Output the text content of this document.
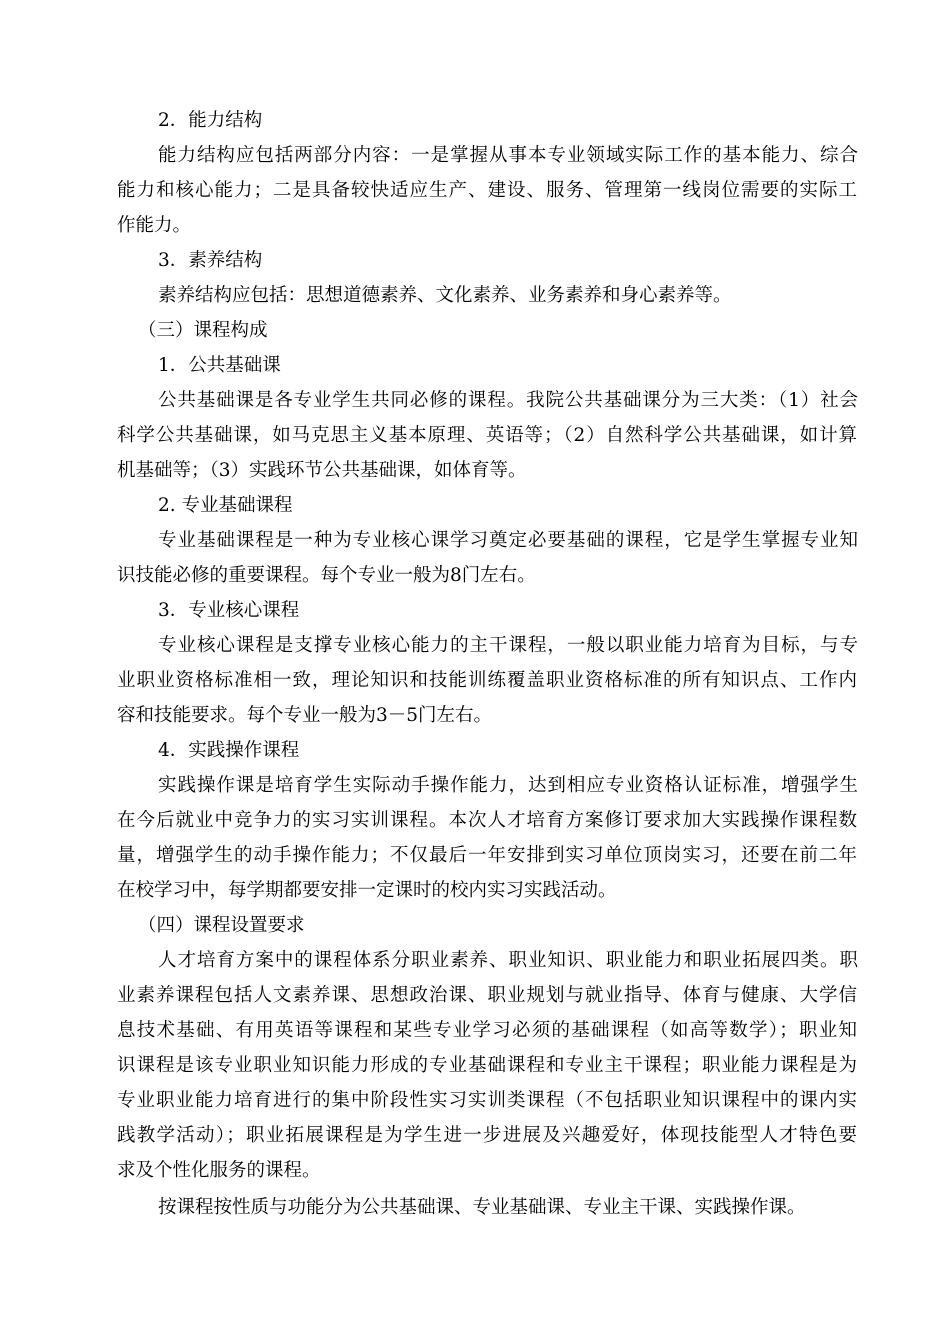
2．能力结构
能力结构应包括两部分内容：一是掌握从事本专业领域实际工作的基本能力、综合
能力和核心能力；二是具备较快适应生产、建设、服务、管理第一线岗位需要的实际工
作能力。
3．素养结构
素养结构应包括：思想道德素养、文化素养、业务素养和身心素养等。
（三）课程构成
1．公共基础课
公共基础课是各专业学生共同必修的课程。我院公共基础课分为三大类：（1）社会
科学公共基础课，如马克思主义基本原理、英语等；（2）自然科学公共基础课，如计算
机基础等；（3）实践环节公共基础课，如体育等。
2. 专业基础课程
专业基础课程是一种为专业核心课学习奠定必要基础的课程，它是学生掌握专业知
识技能必修的重要课程。每个专业一般为8门左右。
3．专业核心课程
专业核心课程是支撑专业核心能力的主干课程，一般以职业能力培育为目标，与专
业职业资格标准相一致，理论知识和技能训练覆盖职业资格标准的所有知识点、工作内
容和技能要求。每个专业一般为3－5门左右。
4．实践操作课程
实践操作课是培育学生实际动手操作能力，达到相应专业资格认证标准，增强学生
在今后就业中竞争力的实习实训课程。本次人才培育方案修订要求加大实践操作课程数
量，增强学生的动手操作能力；不仅最后一年安排到实习单位顶岗实习，还要在前二年
在校学习中，每学期都要安排一定课时的校内实习实践活动。
（四）课程设置要求
人才培育方案中的课程体系分职业素养、职业知识、职业能力和职业拓展四类。职
业素养课程包括人文素养课、思想政治课、职业规划与就业指导、体育与健康、大学信
息技术基础、有用英语等课程和某些专业学习必须的基础课程（如高等数学）；职业知
识课程是该专业职业知识能力形成的专业基础课程和专业主干课程；职业能力课程是为
专业职业能力培育进行的集中阶段性实习实训类课程（不包括职业知识课程中的课内实
践教学活动）；职业拓展课程是为学生进一步进展及兴趣爱好，体现技能型人才特色要
求及个性化服务的课程。
按课程按性质与功能分为公共基础课、专业基础课、专业主干课、实践操作课。
